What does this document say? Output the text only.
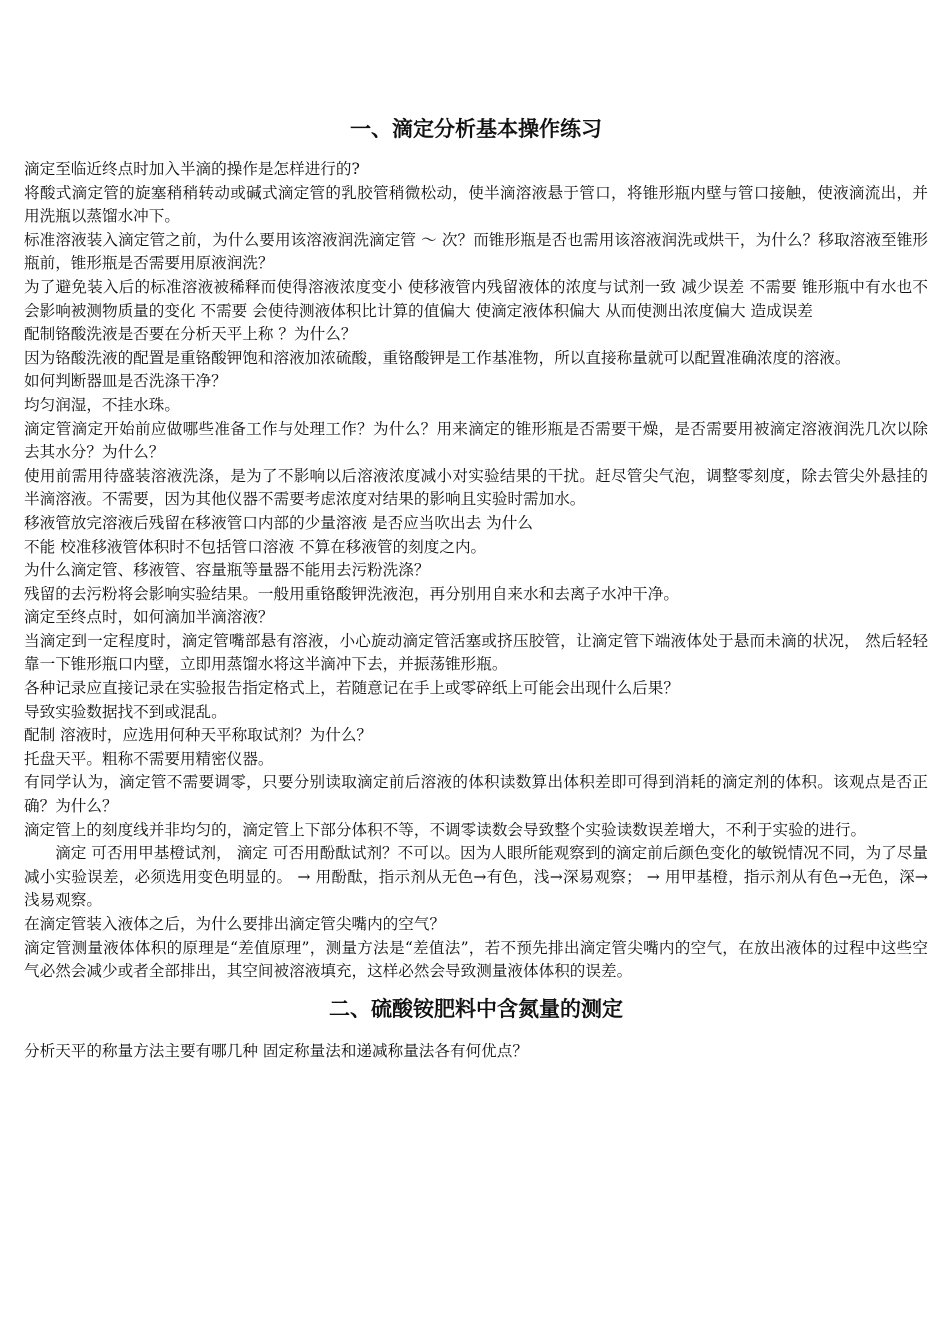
一、滴定分析基本操作练习

滴定至临近终点时加入半滴的操作是怎样进行的?

将酸式滴定管的旋塞稍稍转动或碱式滴定管的乳胶管稍微松动，使半滴溶液悬于管口，将锥形瓶内壁与管口接触，使液滴流出，并用洗瓶以蒸馏水冲下。

标准溶液装入滴定管之前，为什么要用该溶液润洗滴定管 ～ 次？而锥形瓶是否也需用该溶液润洗或烘干，为什么？移取溶液至锥形瓶前，锥形瓶是否需要用原液润洗？

为了避免装入后的标准溶液被稀释而使得溶液浓度变小 使移液管内残留液体的浓度与试剂一致 减少误差 不需要 锥形瓶中有水也不会影响被测物质量的变化 不需要 会使待测液体积比计算的值偏大 使滴定液体积偏大 从而使测出浓度偏大 造成误差

配制铬酸洗液是否要在分析天平上称 ？为什么？

因为铬酸洗液的配置是重铬酸钾饱和溶液加浓硫酸，重铬酸钾是工作基准物，所以直接称量就可以配置准确浓度的溶液。

如何判断器皿是否洗涤干净？

均匀润湿，不挂水珠。

滴定管滴定开始前应做哪些准备工作与处理工作？为什么？用来滴定的锥形瓶是否需要干燥，是否需要用被滴定溶液润洗几次以除去其水分？为什么？

使用前需用待盛装溶液洗涤，是为了不影响以后溶液浓度减小对实验结果的干扰。赶尽管尖气泡，调整零刻度，除去管尖外悬挂的半滴溶液。不需要，因为其他仪器不需要考虑浓度对结果的影响且实验时需加水。

移液管放完溶液后残留在移液管口内部的少量溶液 是否应当吹出去 为什么

不能 校准移液管体积时不包括管口溶液 不算在移液管的刻度之内。

为什么滴定管、移液管、容量瓶等量器不能用去污粉洗涤？

残留的去污粉将会影响实验结果。一般用重铬酸钾洗液泡，再分别用自来水和去离子水冲干净。

滴定至终点时，如何滴加半滴溶液？

当滴定到一定程度时，滴定管嘴部悬有溶液，小心旋动滴定管活塞或挤压胶管，让滴定管下端液体处于悬而未滴的状况， 然后轻轻靠一下锥形瓶口内壁，立即用蒸馏水将这半滴冲下去，并振荡锥形瓶。

各种记录应直接记录在实验报告指定格式上，若随意记在手上或零碎纸上可能会出现什么后果？

导致实验数据找不到或混乱。

配制 溶液时，应选用何种天平称取试剂？为什么？

托盘天平。粗称不需要用精密仪器。

有同学认为，滴定管不需要调零，只要分别读取滴定前后溶液的体积读数算出体积差即可得到消耗的滴定剂的体积。该观点是否正确？为什么？

滴定管上的刻度线并非均匀的，滴定管上下部分体积不等，不调零读数会导致整个实验读数误差增大，不利于实验的进行。

　　滴定 可否用甲基橙试剂， 滴定 可否用酚酞试剂？不可以。因为人眼所能观察到的滴定前后颜色变化的敏锐情况不同，为了尽量减小实验误差，必须选用变色明显的。 → 用酚酞，指示剂从无色→有色，浅→深易观察； → 用甲基橙，指示剂从有色→无色，深→浅易观察。

在滴定管装入液体之后，为什么要排出滴定管尖嘴内的空气？

滴定管测量液体体积的原理是“差值原理”，测量方法是“差值法”，若不预先排出滴定管尖嘴内的空气，在放出液体的过程中这些空气必然会减少或者全部排出，其空间被溶液填充，这样必然会导致测量液体体积的误差。

二、硫酸铵肥料中含氮量的测定

分析天平的称量方法主要有哪几种 固定称量法和递减称量法各有何优点？
